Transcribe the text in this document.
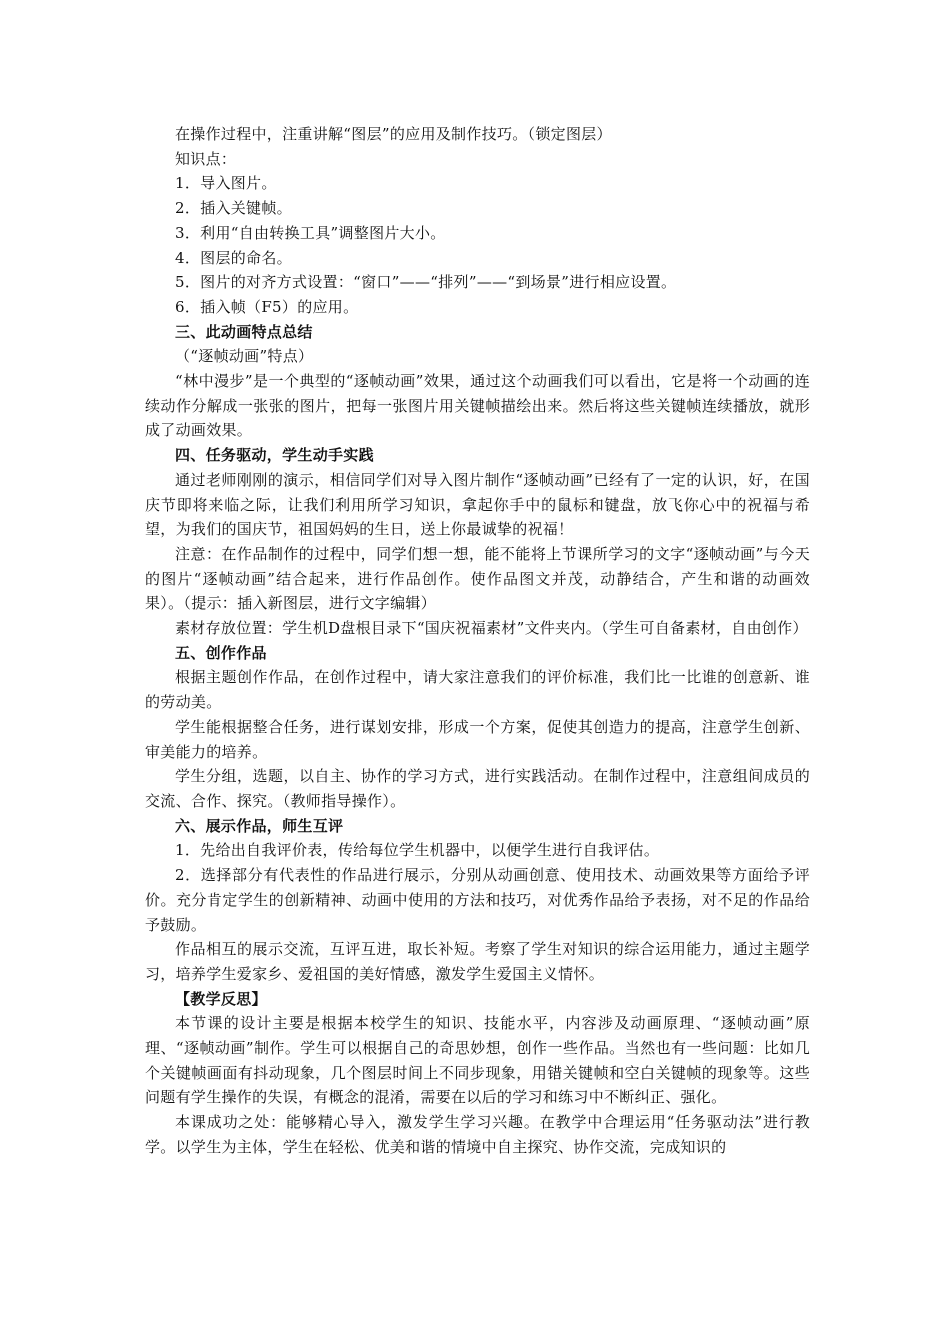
在操作过程中，注重讲解“图层”的应用及制作技巧。（锁定图层）

知识点：

1．导入图片。

2．插入关键帧。

3．利用“自由转换工具”调整图片大小。

4．图层的命名。

5．图片的对齐方式设置：“窗口”——“排列”——“到场景”进行相应设置。

6．插入帧（F5）的应用。

三、此动画特点总结

（“逐帧动画”特点）

“林中漫步”是一个典型的“逐帧动画”效果，通过这个动画我们可以看出，它是将一个动画的连续动作分解成一张张的图片，把每一张图片用关键帧描绘出来。然后将这些关键帧连续播放，就形成了动画效果。

四、任务驱动，学生动手实践

通过老师刚刚的演示，相信同学们对导入图片制作“逐帧动画”已经有了一定的认识，好，在国庆节即将来临之际，让我们利用所学习知识，拿起你手中的鼠标和键盘，放飞你心中的祝福与希望，为我们的国庆节，祖国妈妈的生日，送上你最诚挚的祝福！

注意：在作品制作的过程中，同学们想一想，能不能将上节课所学习的文字“逐帧动画”与今天的图片“逐帧动画”结合起来，进行作品创作。使作品图文并茂，动静结合，产生和谐的动画效果）。（提示：插入新图层，进行文字编辑）

素材存放位置：学生机D盘根目录下“国庆祝福素材”文件夹内。（学生可自备素材，自由创作）

五、创作作品

根据主题创作作品，在创作过程中，请大家注意我们的评价标准，我们比一比谁的创意新、谁的劳动美。

学生能根据整合任务，进行谋划安排，形成一个方案，促使其创造力的提高，注意学生创新、审美能力的培养。

学生分组，选题，以自主、协作的学习方式，进行实践活动。在制作过程中，注意组间成员的交流、合作、探究。（教师指导操作）。

六、展示作品，师生互评

1．先给出自我评价表，传给每位学生机器中，以便学生进行自我评估。

2．选择部分有代表性的作品进行展示，分别从动画创意、使用技术、动画效果等方面给予评价。充分肯定学生的创新精神、动画中使用的方法和技巧，对优秀作品给予表扬，对不足的作品给予鼓励。

作品相互的展示交流，互评互进，取长补短。考察了学生对知识的综合运用能力，通过主题学习，培养学生爱家乡、爱祖国的美好情感，激发学生爱国主义情怀。

【教学反思】

本节课的设计主要是根据本校学生的知识、技能水平，内容涉及动画原理、“逐帧动画”原理、“逐帧动画”制作。学生可以根据自己的奇思妙想，创作一些作品。当然也有一些问题：比如几个关键帧画面有抖动现象，几个图层时间上不同步现象，用错关键帧和空白关键帧的现象等。这些问题有学生操作的失误，有概念的混淆，需要在以后的学习和练习中不断纠正、强化。

本课成功之处：能够精心导入，激发学生学习兴趣。在教学中合理运用“任务驱动法”进行教学。以学生为主体，学生在轻松、优美和谐的情境中自主探究、协作交流，完成知识的
